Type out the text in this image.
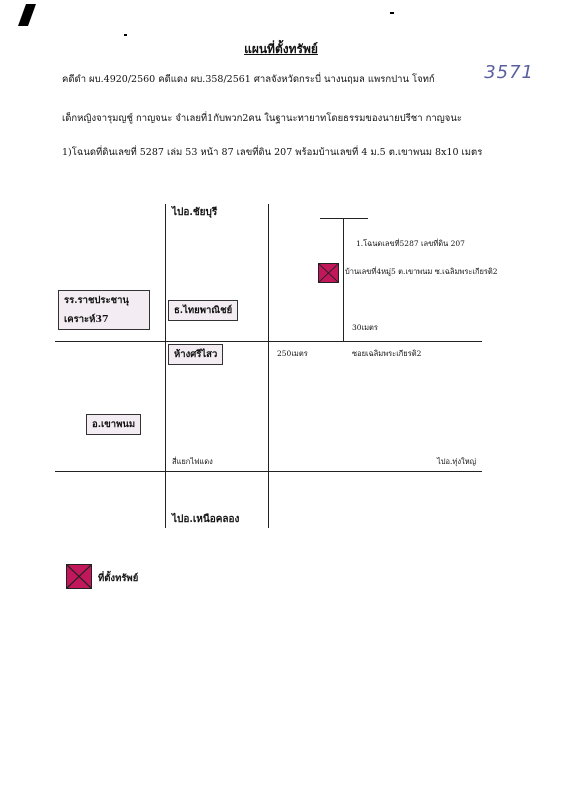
แผนที่ตั้งทรัพย์
3571
คดีดำ ผบ.4920/2560 คดีแดง ผบ.358/2561 ศาลจังหวัดกระบี่ นางนฤมล แพรกปาน โจทก์
เด็กหญิงจารุมญชู์ กาญจนะ จำเลยที่1กับพวก2คน ในฐานะทายาทโดยธรรมของนายปรีชา กาญจนะ
1)โฉนดที่ดินเลขที่ 5287 เล่ม 53 หน้า 87 เลขที่ดิน 207 พร้อมบ้านเลขที่ 4 ม.5 ต.เขาพนม 8x10 เมตร
ไปอ.ชัยบุรี
ไปอ.เหนือคลอง
ไปอ.ทุ่งใหญ่
สี่แยกไฟแดง
1.โฉนดเลขที่5287 เลขที่ดิน 207
บ้านเลขที่4หมู่5 ต.เขาพนม ซ.เฉลิมพระเกียรติ2
30เมตร
250เมตร	ซอยเฉลิมพระเกียรติ2
รร.ราชประชานุเคราะห์37
ธ.ไทยพาณิชย์
ห้างศรีไสว
อ.เขาพนม
ที่ตั้งทรัพย์
